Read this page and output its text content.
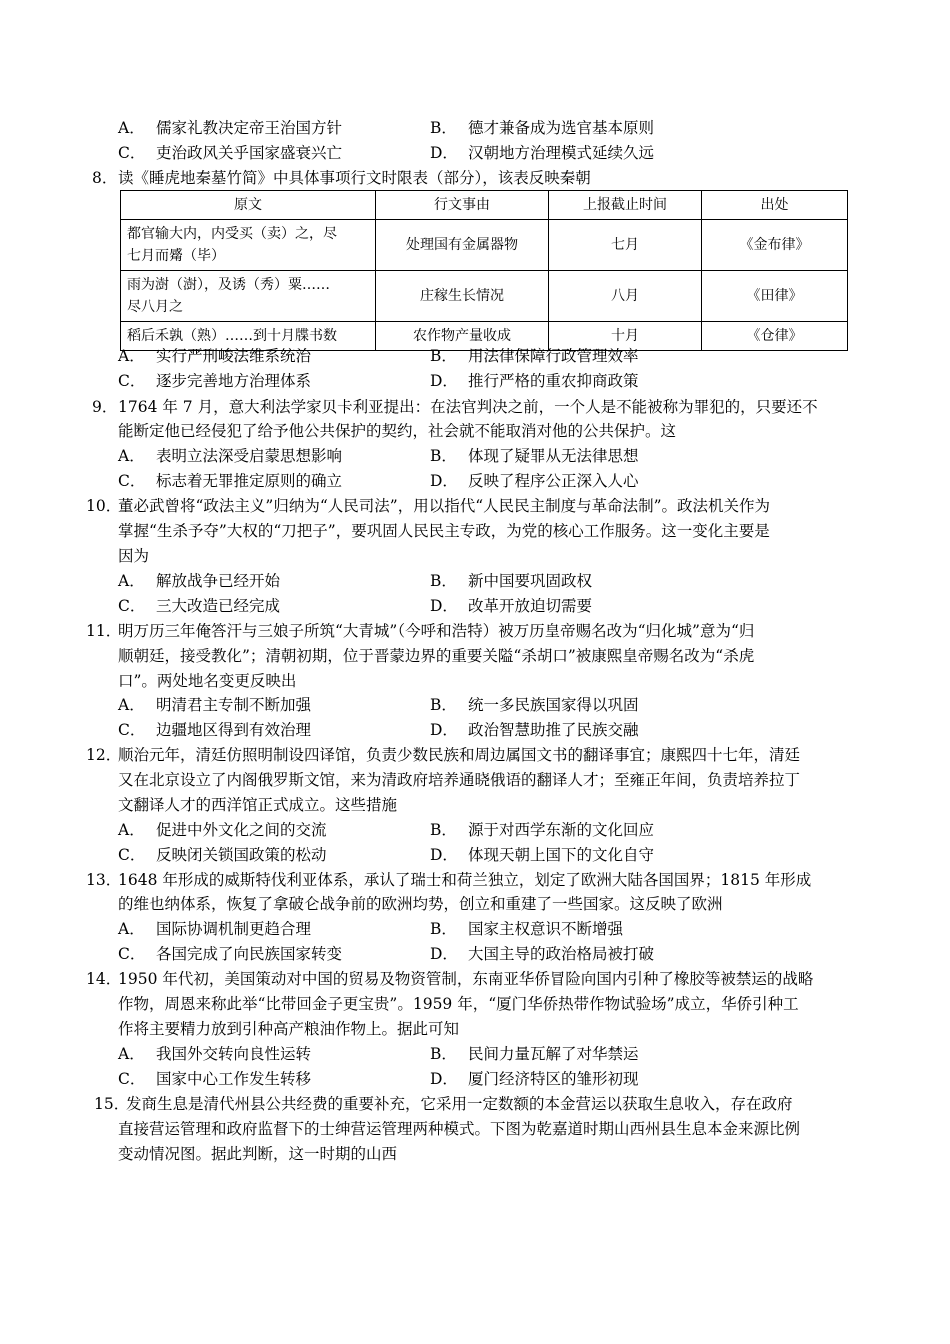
A． 儒家礼教决定帝王治国方针	B． 德才兼备成为选官基本原则
C． 吏治政风关乎国家盛衰兴亡	D． 汉朝地方治理模式延续久远
8． 读《睡虎地秦墓竹简》中具体事项行文时限表（部分），该表反映秦朝
原文	行文事由	上报截止时间	出处

都官输大内，内受买（卖）之，尽
七月而觱（毕）	处理国有金属器物	七月	《金布律》

雨为澍（澍），及诱（秀）粟……
尽八月之	庄稼生长情况	八月	《田律》
稻后禾孰（熟）……到十月牒书数	农作物产量收成	十月	《仓律》
A． 实行严刑峻法维系统治	B． 用法律保障行政管理效率
C． 逐步完善地方治理体系	D． 推行严格的重农抑商政策
9． 1764 年 7 月，意大利法学家贝卡利亚提出：在法官判决之前，一个人是不能被称为罪犯的，只要还不
能断定他已经侵犯了给予他公共保护的契约，社会就不能取消对他的公共保护。这
A． 表明立法深受启蒙思想影响	B． 体现了疑罪从无法律思想
C． 标志着无罪推定原则的确立	D． 反映了程序公正深入人心
10．
董必武曾将“政法主义”归纳为“人民司法”，用以指代“人民民主制度与革命法制”。政法机关作为
掌握“生杀予夺”大权的“刀把子”，要巩固人民民主专政，为党的核心工作服务。这一变化主要是
因为
A． 解放战争已经开始	B． 新中国要巩固政权
C． 三大改造已经完成	D． 改革开放迫切需要
11．
明万历三年俺答汗与三娘子所筑“大青城”（今呼和浩特）被万历皇帝赐名改为“归化城”意为“归
顺朝廷，接受教化”；清朝初期，位于晋蒙边界的重要关隘“杀胡口”被康熙皇帝赐名改为“杀虎
口”。两处地名变更反映出
A． 明清君主专制不断加强	B． 统一多民族国家得以巩固
C． 边疆地区得到有效治理	D． 政治智慧助推了民族交融
12．
顺治元年，清廷仿照明制设四译馆，负责少数民族和周边属国文书的翻译事宜；康熙四十七年，清廷
又在北京设立了内阁俄罗斯文馆，来为清政府培养通晓俄语的翻译人才；至雍正年间，负责培养拉丁
文翻译人才的西洋馆正式成立。这些措施
A． 促进中外文化之间的交流	B． 源于对西学东渐的文化回应
C． 反映闭关锁国政策的松动	D． 体现天朝上国下的文化自守
13．
1648 年形成的威斯特伐利亚体系，承认了瑞士和荷兰独立，划定了欧洲大陆各国国界；1815 年形成
的维也纳体系，恢复了拿破仑战争前的欧洲均势，创立和重建了一些国家。这反映了欧洲
A． 国际协调机制更趋合理	B． 国家主权意识不断增强
C． 各国完成了向民族国家转变	D． 大国主导的政治格局被打破
14．
1950 年代初，美国策动对中国的贸易及物资管制，东南亚华侨冒险向国内引种了橡胶等被禁运的战略
作物，周恩来称此举“比带回金子更宝贵”。1959 年，“厦门华侨热带作物试验场”成立，华侨引种工
作将主要精力放到引种高产粮油作物上。据此可知
A． 我国外交转向良性运转	B． 民间力量瓦解了对华禁运
C． 国家中心工作发生转移	D． 厦门经济特区的雏形初现
15．
发商生息是清代州县公共经费的重要补充，它采用一定数额的本金营运以获取生息收入，存在政府
直接营运管理和政府监督下的士绅营运管理两种模式。下图为乾嘉道时期山西州县生息本金来源比例
变动情况图。据此判断，这一时期的山西
